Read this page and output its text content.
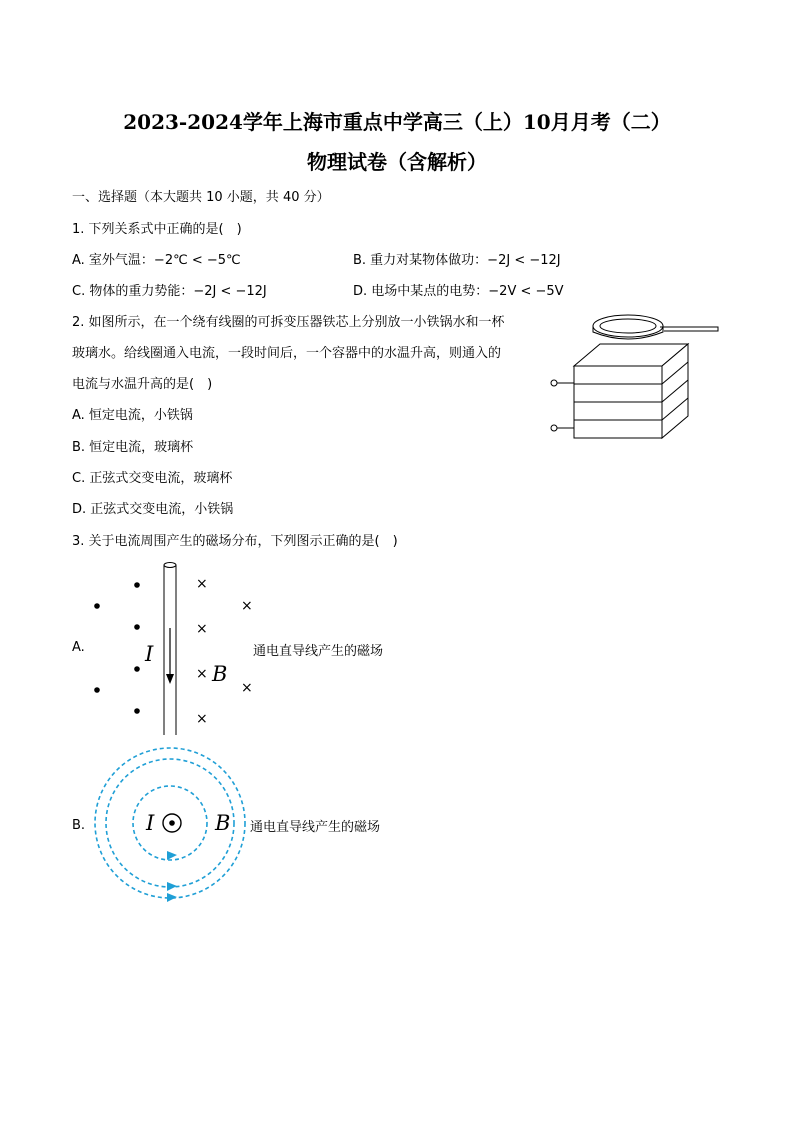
2023-2024学年上海市重点中学高三（上）10月月考（二）
物理试卷（含解析）
一、选择题（本大题共 10 小题，共 40 分）
1. 下列关系式中正确的是(　)
A. 室外气温：−2℃ < −5℃	B. 重力对某物体做功：−2J < −12J
C. 物体的重力势能：−2J < −12J	D. 电场中某点的电势：−2V < −5V
2. 如图所示，在一个绕有线圈的可拆变压器铁芯上分别放一小铁锅水和一杯
玻璃水。给线圈通入电流，一段时间后，一个容器中的水温升高，则通入的
电流与水温升高的是(　)
A. 恒定电流，小铁锅
B. 恒定电流，玻璃杯
C. 正弦式交变电流，玻璃杯
D. 正弦式交变电流，小铁锅
3. 关于电流周围产生的磁场分布，下列图示正确的是(　)
A.	I
B
×
×
×
×
×
×
通电直导线产生的磁场
B.	I	B 通电直导线产生的磁场
